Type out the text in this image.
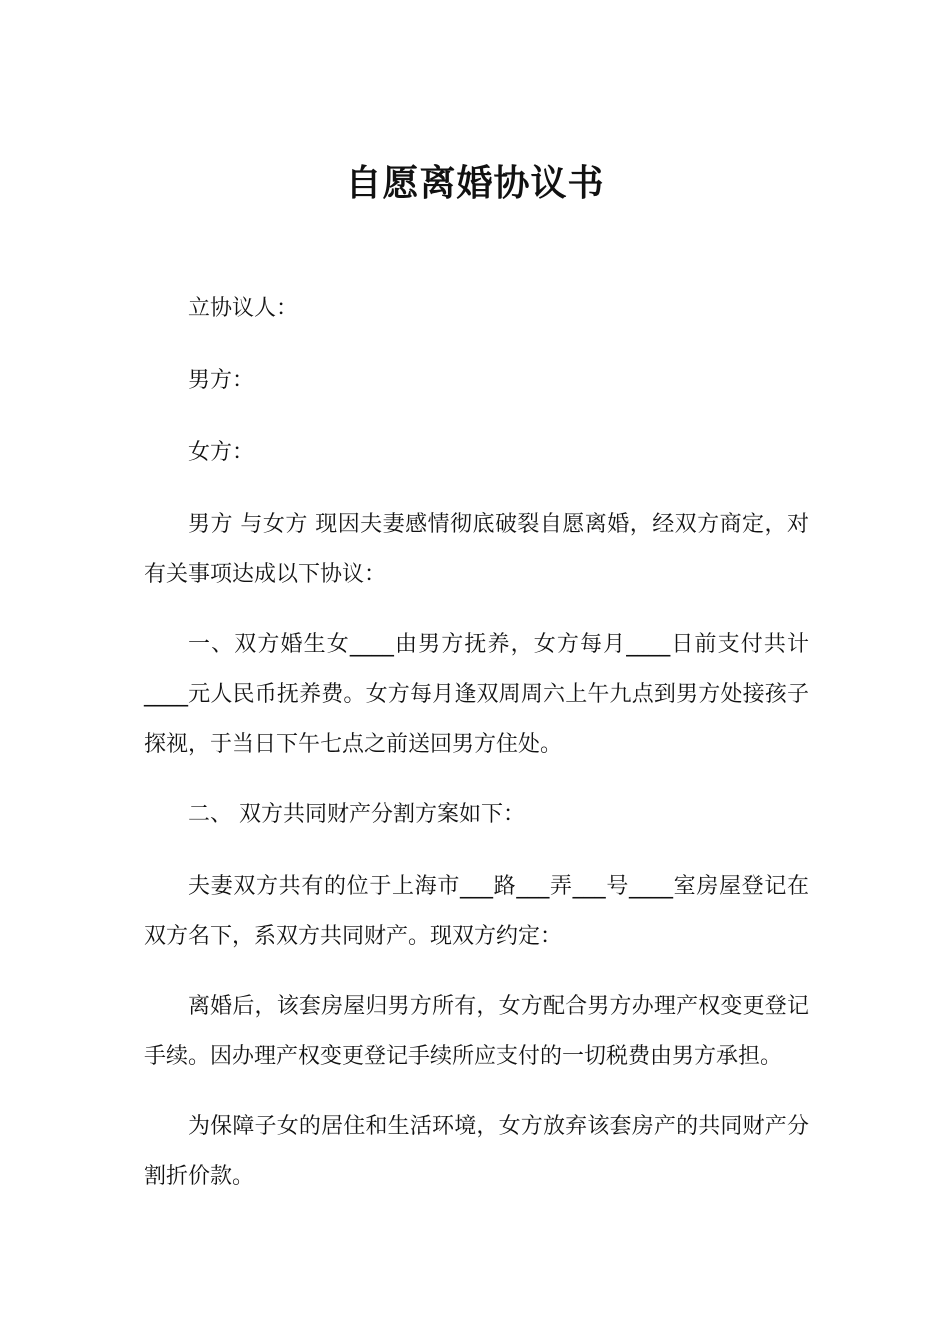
自愿离婚协议书

立协议人：

男方：

女方：

男方 与女方 现因夫妻感情彻底破裂自愿离婚，经双方商定，对有关事项达成以下协议：

一、双方婚生女____由男方抚养，女方每月____日前支付共计____元人民币抚养费。女方每月逢双周周六上午九点到男方处接孩子探视，于当日下午七点之前送回男方住处。

二、 双方共同财产分割方案如下：

夫妻双方共有的位于上海市___路___弄___号____室房屋登记在双方名下，系双方共同财产。现双方约定：

离婚后，该套房屋归男方所有，女方配合男方办理产权变更登记手续。因办理产权变更登记手续所应支付的一切税费由男方承担。

为保障子女的居住和生活环境，女方放弃该套房产的共同财产分割折价款。
